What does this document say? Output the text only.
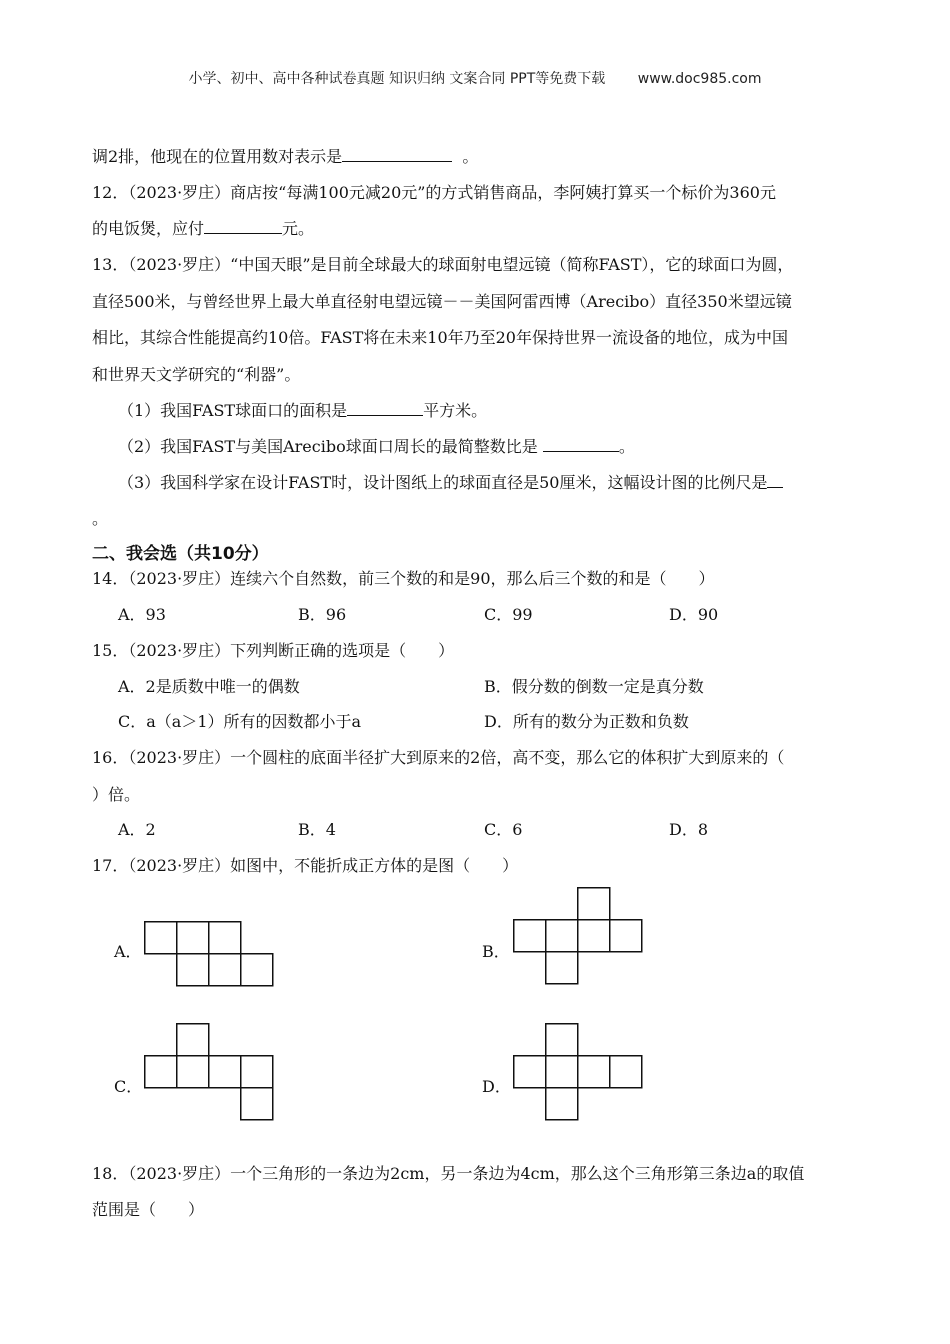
小学、初中、高中各种试卷真题 知识归纳 文案合同 PPT等免费下载 www.doc985.com
调2排，他现在的位置用数对表示是	。
12．（2023·罗庄）商店按“每满100元减20元”的方式销售商品，李阿姨打算买一个标价为360元
的电饭煲，应付	元。
13．（2023·罗庄）“中国天眼”是目前全球最大的球面射电望远镜（简称FAST），它的球面口为圆，
直径500米，与曾经世界上最大单直径射电望远镜－－美国阿雷西博（Arecibo）直径350米望远镜
相比，其综合性能提高约10倍。FAST将在未来10年乃至20年保持世界一流设备的地位，成为中国
和世界天文学研究的“利器”。
（1）我国FAST球面口的面积是	平方米。
（2）我国FAST与美国Arecibo球面口周长的最简整数比是	。
（3）我国科学家在设计FAST时，设计图纸上的球面直径是50厘米，这幅设计图的比例尺是
。
二、我会选（共10分）
14．（2023·罗庄）连续六个自然数，前三个数的和是90，那么后三个数的和是（　　）
A．93	B．96	C．99	D．90
15．（2023·罗庄）下列判断正确的选项是（　　）
A．2是质数中唯一的偶数	B．假分数的倒数一定是真分数
C．a（a＞1）所有的因数都小于a	D．所有的数分为正数和负数
16．（2023·罗庄）一个圆柱的底面半径扩大到原来的2倍，高不变，那么它的体积扩大到原来的（
）倍。
A．2	B．4	C．6	D．8
17．（2023·罗庄）如图中，不能折成正方体的是图（　　）
A．	B．
C．	D．
18．（2023·罗庄）一个三角形的一条边为2cm，另一条边为4cm，那么这个三角形第三条边a的取值
范围是（　　）
